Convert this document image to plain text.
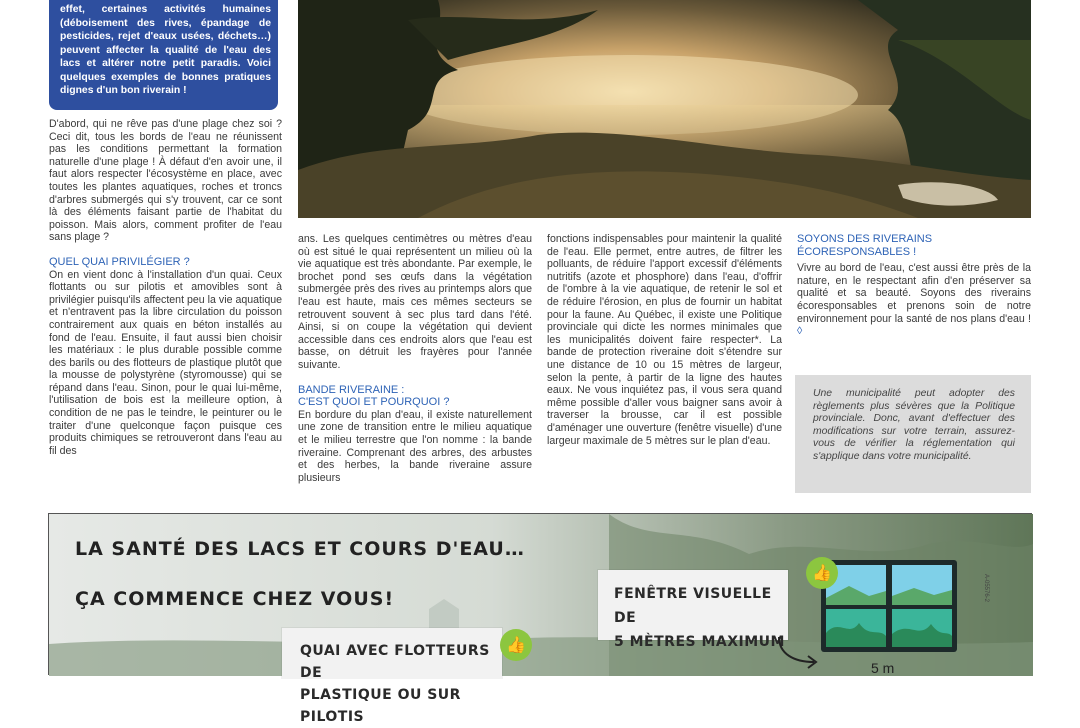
effet, certaines activités humaines (déboisement des rives, épandage de pesticides, rejet d'eaux usées, déchets…) peuvent affecter la qualité de l'eau des lacs et altérer notre petit paradis. Voici quelques exemples de bonnes pratiques dignes d'un bon riverain !

D'abord, qui ne rêve pas d'une plage chez soi ? Ceci dit, tous les bords de l'eau ne réunissent pas les conditions permettant la formation naturelle d'une plage ! À défaut d'en avoir une, il faut alors respecter l'écosystème en place, avec toutes les plantes aquatiques, roches et troncs d'arbres submergés qui s'y trouvent, car ce sont là des éléments faisant partie de l'habitat du poisson. Mais alors, comment profiter de l'eau sans plage ?

QUEL QUAI PRIVILÉGIER ?

On en vient donc à l'installation d'un quai. Ceux flottants ou sur pilotis et amovibles sont à privilégier puisqu'ils affectent peu la vie aquatique et n'entravent pas la libre circulation du poisson contrairement aux quais en béton installés au fond de l'eau. Ensuite, il faut aussi bien choisir les matériaux : le plus durable possible comme des barils ou des flotteurs de plastique plutôt que la mousse de polystyrène (styromousse) qui se répand dans l'eau. Sinon, pour le quai lui-même, l'utilisation de bois est la meilleure option, à condition de ne pas le teindre, le peinturer ou le traiter d'une quelconque façon puisque ces produits chimiques se retrouveront dans l'eau au fil des

ans. Les quelques centimètres ou mètres d'eau où est situé le quai représentent un milieu où la vie aquatique est très abondante. Par exemple, le brochet pond ses œufs dans la végétation submergée près des rives au printemps alors que l'eau est haute, mais ces mêmes secteurs se retrouvent souvent à sec plus tard dans l'été. Ainsi, si on coupe la végétation qui devient accessible dans ces endroits alors que l'eau est basse, on détruit les frayères pour l'année suivante.

BANDE RIVERAINE :

C'EST QUOI ET POURQUOI ?

En bordure du plan d'eau, il existe naturellement une zone de transition entre le milieu aquatique et le milieu terrestre que l'on nomme : la bande riveraine. Comprenant des arbres, des arbustes et des herbes, la bande riveraine assure plusieurs

fonctions indispensables pour maintenir la qualité de l'eau. Elle permet, entre autres, de filtrer les polluants, de réduire l'apport excessif d'éléments nutritifs (azote et phosphore) dans l'eau, d'offrir de l'ombre à la vie aquatique, de retenir le sol et de réduire l'érosion, en plus de fournir un habitat pour la faune. Au Québec, il existe une Politique provinciale qui dicte les normes minimales que les municipalités doivent faire respecter*. La bande de protection riveraine doit s'étendre sur une distance de 10 ou 15 mètres de largeur, selon la pente, à partir de la ligne des hautes eaux. Ne vous inquiétez pas, il vous sera quand même possible d'aller vous baigner sans avoir à traverser la brousse, car il est possible d'aménager une ouverture (fenêtre visuelle) d'une largeur maximale de 5 mètres sur le plan d'eau.

SOYONS DES RIVERAINS

ÉCORESPONSABLES !

Vivre au bord de l'eau, c'est aussi être près de la nature, en le respectant afin d'en préserver sa qualité et sa beauté. Soyons des riverains écoresponsables et prenons soin de notre environnement pour la santé de nos plans d'eau ! ◊

Une municipalité peut adopter des règlements plus sévères que la Politique provinciale. Donc, avant d'effectuer des modifications sur votre terrain, assurez-vous de vérifier la réglementation qui s'applique dans votre municipalité.

LA SANTÉ DES LACS ET COURS D'EAU…

ÇA COMMENCE CHEZ VOUS!

QUAI AVEC FLOTTEURS DE
PLASTIQUE OU SUR PILOTIS
👍
FENÊTRE VISUELLE DE
5 MÈTRES MAXIMUM
👍
5 m
A-05576-2
